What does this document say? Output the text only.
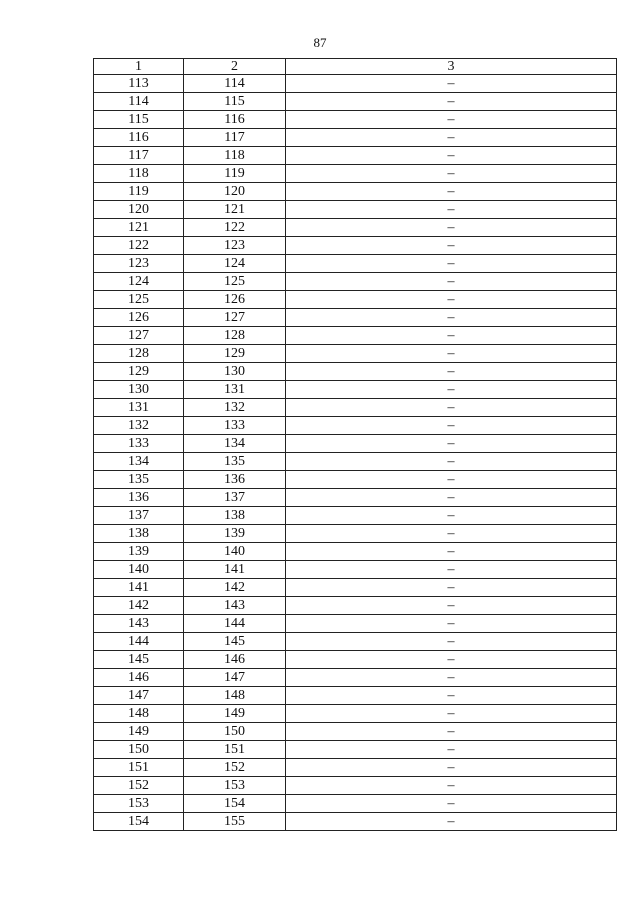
87
1	2	3
113	114	–
114	115	–
115	116	–
116	117	–
117	118	–
118	119	–
119	120	–
120	121	–
121	122	–
122	123	–
123	124	–
124	125	–
125	126	–
126	127	–
127	128	–
128	129	–
129	130	–
130	131	–
131	132	–
132	133	–
133	134	–
134	135	–
135	136	–
136	137	–
137	138	–
138	139	–
139	140	–
140	141	–
141	142	–
142	143	–
143	144	–
144	145	–
145	146	–
146	147	–
147	148	–
148	149	–
149	150	–
150	151	–
151	152	–
152	153	–
153	154	–
154	155	–
